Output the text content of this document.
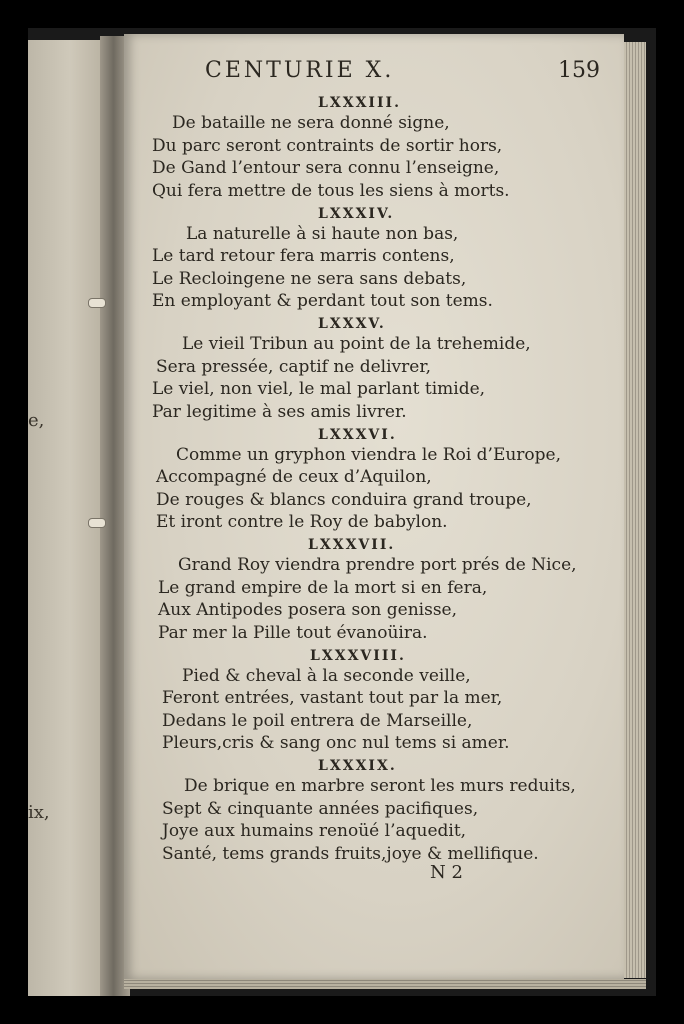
e,
ix,
CENTURIE X.	159
LXXXIII.
De bataille ne sera donné signe,
Du parc seront contraints de sortir hors,
De Gand l’entour sera connu l’enseigne,
Qui fera mettre de tous les siens à morts.
LXXXIV.
La naturelle à si haute non bas,
Le tard retour fera marris contens,
Le Recloingene ne sera sans debats,
En employant & perdant tout son tems.
LXXXV.
Le vieil Tribun au point de la trehemide,
Sera pressée, captif ne delivrer,
Le viel, non viel, le mal parlant timide,
Par legitime à ses amis livrer.
LXXXVI.
Comme un gryphon viendra le Roi d’Europe,
Accompagné de ceux d’Aquilon,
De rouges & blancs conduira grand troupe,
Et iront contre le Roy de babylon.
LXXXVII.
Grand Roy viendra prendre port prés de Nice,
Le grand empire de la mort si en fera,
Aux Antipodes posera son genisse,
Par mer la Pille tout évanoüira.
LXXXVIII.
Pied & cheval à la seconde veille,
Feront entrées, vastant tout par la mer,
Dedans le poil entrera de Marseille,
Pleurs,cris & sang onc nul tems si amer.
LXXXIX.
De brique en marbre seront les murs reduits,
Sept & cinquante années pacifiques,
Joye aux humains renoüé l’aquedit,
Santé, tems grands fruits,joye & mellifique.
N 2
